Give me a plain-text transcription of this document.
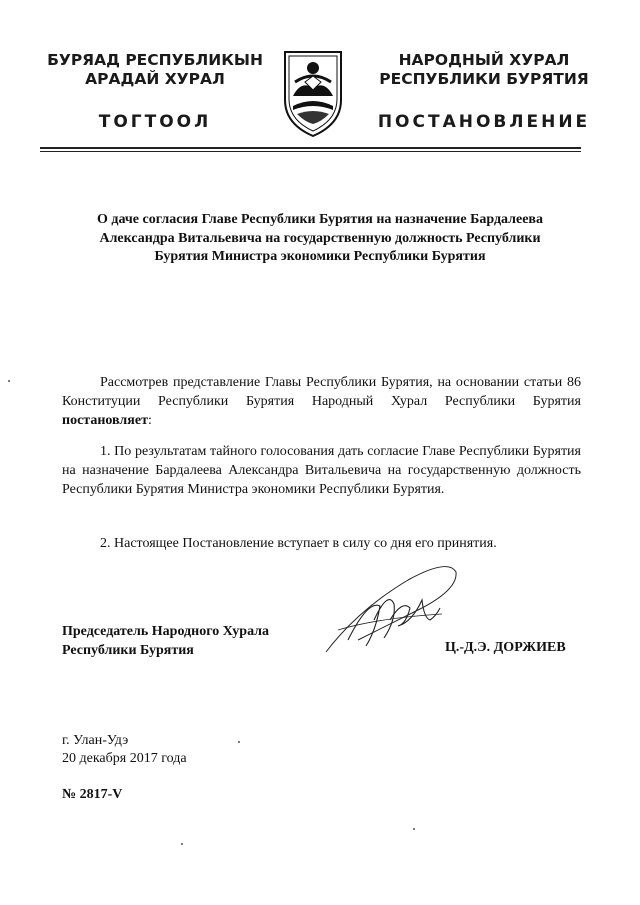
БУРЯАД РЕСПУБЛИКЫН
АРАДАЙ ХУРАЛ
ТОГТООЛ
НАРОДНЫЙ ХУРАЛ
РЕСПУБЛИКИ БУРЯТИЯ
ПОСТАНОВЛЕНИЕ
О даче согласия Главе Республики Бурятия на назначение Бардалеева Александра Витальевича на государственную должность Республики Бурятия Министра экономики Республики Бурятия
Рассмотрев представление Главы Республики Бурятия, на основании статьи 86 Конституции Республики Бурятия Народный Хурал Республики Бурятия постановляет:
1. По результатам тайного голосования дать согласие Главе Республики Бурятия на назначение Бардалеева Александра Витальевича на государственную должность Республики Бурятия Министра экономики Республики Бурятия.
2. Настоящее Постановление вступает в силу со дня его принятия.
Председатель Народного Хурала
Республики Бурятия	Ц.-Д.Э. ДОРЖИЕВ
г. Улан-Удэ
20 декабря 2017 года
№ 2817-V
